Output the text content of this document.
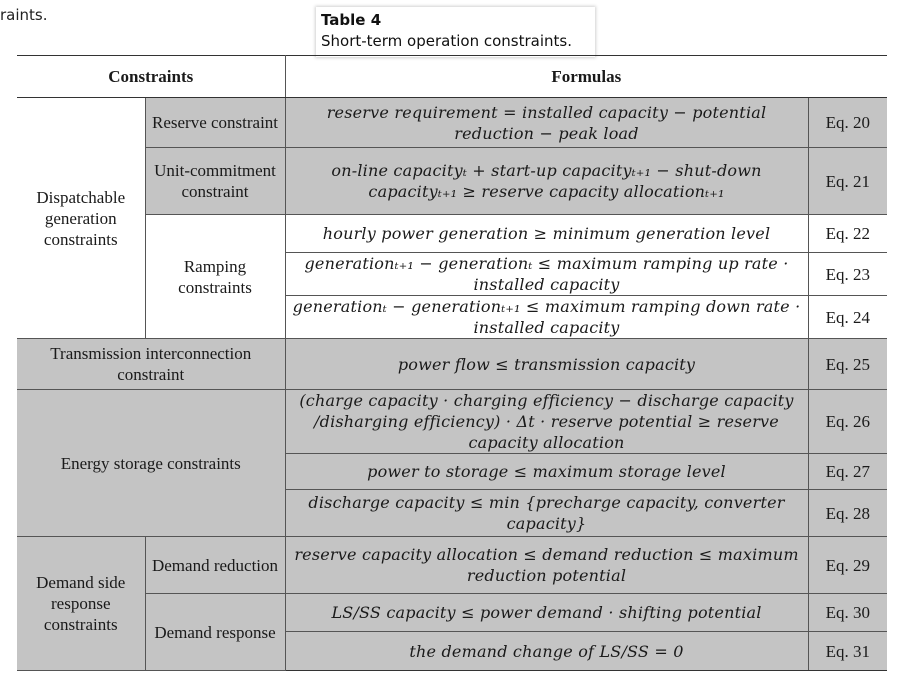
raints.	Table 4
Short-term operation constraints.
Constraints		Formulas	
Dispatchable generation constraints	Reserve constraint	reserve requirement = installed capacity − potential reduction − peak load	Eq. 20
	Unit-commitment constraint	on-line capacityₜ + start-up capacityₜ₊₁ − shut-down capacityₜ₊₁ ≥ reserve capacity allocationₜ₊₁	Eq. 21
	Ramping constraints	hourly power generation ≥ minimum generation level	Eq. 22
		generationₜ₊₁ − generationₜ ≤ maximum ramping up rate · installed capacity	Eq. 23
		generationₜ − generationₜ₊₁ ≤ maximum ramping down rate · installed capacity	Eq. 24
Transmission interconnection constraint		power flow ≤ transmission capacity	Eq. 25
Energy storage constraints		(charge capacity · charging efficiency − discharge capacity /disharging efficiency) · Δt · reserve potential ≥ reserve capacity allocation	Eq. 26
		power to storage ≤ maximum storage level	Eq. 27
		discharge capacity ≤ min {precharge capacity, converter capacity}	Eq. 28
Demand side response constraints	Demand reduction	reserve capacity allocation ≤ demand reduction ≤ maximum reduction potential	Eq. 29
	Demand response	LS/SS capacity ≤ power demand · shifting potential	Eq. 30
		the demand change of LS/SS = 0	Eq. 31
